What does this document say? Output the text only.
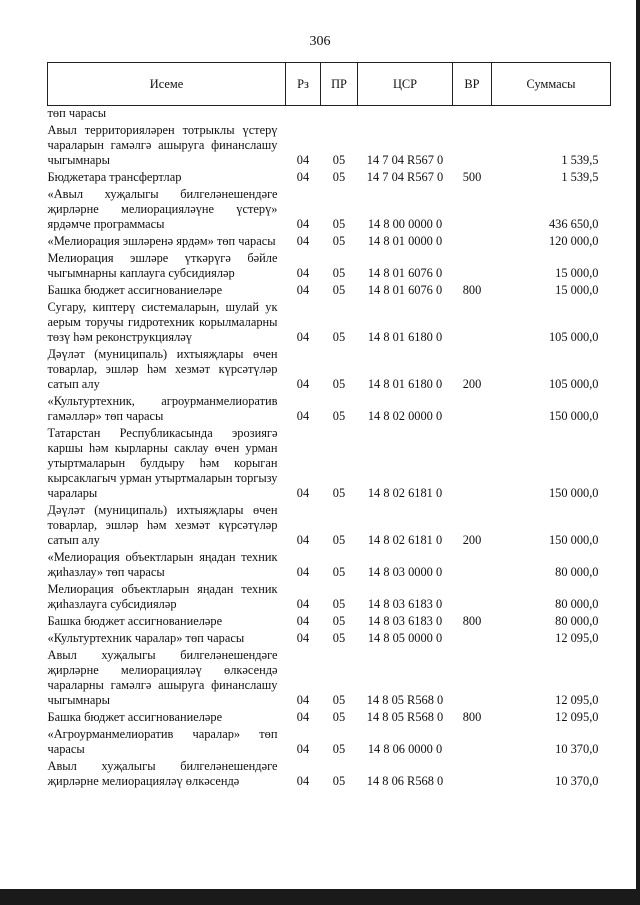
306
Исеме	Рз	ПР	ЦСР	ВР	Суммасы
төп чарасы					
Авыл территорияләрен тотрыклы үстерү чараларын гамәлгә ашыруга финанслашу чыгымнары	04	05	14 7 04 R567 0		1 539,5
Бюджетара трансфертлар	04	05	14 7 04 R567 0	500	1 539,5
«Авыл хуҗалыгы билгеләнешендәге җирләрне мелиорацияләүне үстерү» ярдәмче программасы	04	05	14 8 00 0000 0		436 650,0
«Мелиорация эшләренә ярдәм» төп чарасы	04	05	14 8 01 0000 0		120 000,0
Мелиорация эшләре үткәрүгә бәйле чыгымнарны каплауга субсидияләр	04	05	14 8 01 6076 0		15 000,0
Башка бюджет ассигнованиеләре	04	05	14 8 01 6076 0	800	15 000,0
Сугару, киптерү системаларын, шулай ук аерым торучы гидротехник корылмаларны төзү һәм реконструкцияләү	04	05	14 8 01 6180 0		105 000,0
Дәүләт (муниципаль) ихтыяҗлары өчен товарлар, эшләр һәм хезмәт күрсәтүләр сатып алу	04	05	14 8 01 6180 0	200	105 000,0
«Культуртехник, агроурманмелиоратив гамәлләр» төп чарасы	04	05	14 8 02 0000 0		150 000,0
Татарстан Республикасында эрозиягә каршы һәм кырларны саклау өчен урман утыртмаларын булдыру һәм корыган кырсаклагыч урман утыртмаларын торгызу чаралары	04	05	14 8 02 6181 0		150 000,0
Дәүләт (муниципаль) ихтыяҗлары өчен товарлар, эшләр һәм хезмәт күрсәтүләр сатып алу	04	05	14 8 02 6181 0	200	150 000,0
«Мелиорация объектларын яңадан техник җиһазлау» төп чарасы	04	05	14 8 03 0000 0		80 000,0
Мелиорация объектларын яңадан техник җиһазлауга субсидияләр	04	05	14 8 03 6183 0		80 000,0
Башка бюджет ассигнованиеләре	04	05	14 8 03 6183 0	800	80 000,0
«Культуртехник чаралар» төп чарасы	04	05	14 8 05 0000 0		12 095,0
Авыл хуҗалыгы билгеләнешендәге җирләрне мелиорацияләү өлкәсендә чараларны гамәлгә ашыруга финанслашу чыгымнары	04	05	14 8 05 R568 0		12 095,0
Башка бюджет ассигнованиеләре	04	05	14 8 05 R568 0	800	12 095,0
«Агроурманмелиоратив чаралар» төп чарасы	04	05	14 8 06 0000 0		10 370,0
Авыл хуҗалыгы билгеләнешендәге җирләрне мелиорацияләү өлкәсендә	04	05	14 8 06 R568 0		10 370,0
